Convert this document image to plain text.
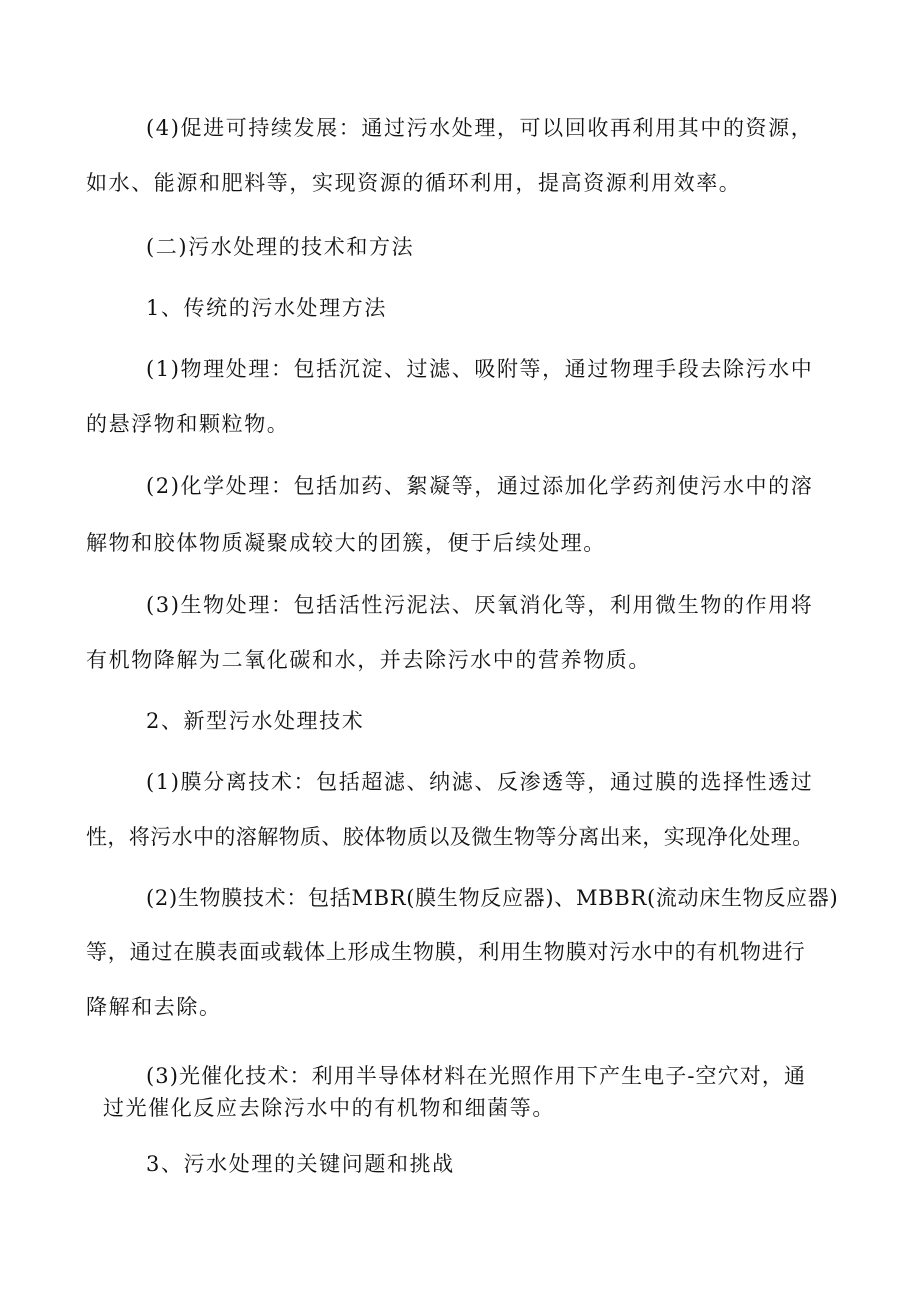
(4)促进可持续发展：通过污水处理，可以回收再利用其中的资源，
如水、能源和肥料等，实现资源的循环利用，提高资源利用效率。
(二)污水处理的技术和方法
1、传统的污水处理方法
(1)物理处理：包括沉淀、过滤、吸附等，通过物理手段去除污水中
的悬浮物和颗粒物。
(2)化学处理：包括加药、絮凝等，通过添加化学药剂使污水中的溶
解物和胶体物质凝聚成较大的团簇，便于后续处理。
(3)生物处理：包括活性污泥法、厌氧消化等，利用微生物的作用将
有机物降解为二氧化碳和水，并去除污水中的营养物质。
2、新型污水处理技术
(1)膜分离技术：包括超滤、纳滤、反渗透等，通过膜的选择性透过
性，将污水中的溶解物质、胶体物质以及微生物等分离出来，实现净化处理。
(2)生物膜技术：包括MBR(膜生物反应器)、MBBR(流动床生物反应器)
等，通过在膜表面或载体上形成生物膜，利用生物膜对污水中的有机物进行
降解和去除。
(3)光催化技术：利用半导体材料在光照作用下产生电子-空穴对，通
过光催化反应去除污水中的有机物和细菌等。
3、污水处理的关键问题和挑战
